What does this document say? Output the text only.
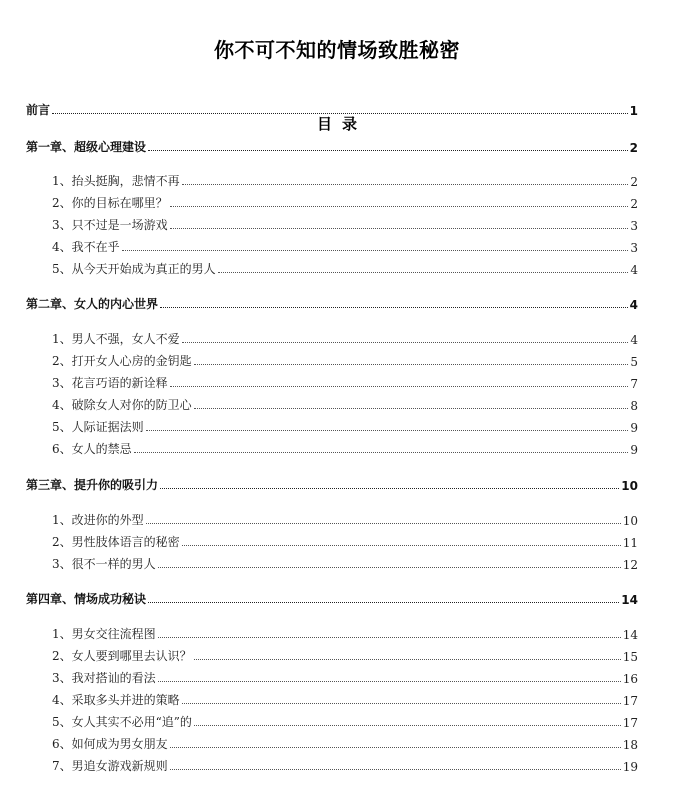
你不可不知的情场致胜秘密
前言	1
目 录
第一章、超级心理建设	2
1、抬头挺胸，悲情不再	2
2、你的目标在哪里？	2
3、只不过是一场游戏	3
4、我不在乎	3
5、从今天开始成为真正的男人	4
第二章、女人的内心世界	4
1、男人不强，女人不爱	4
2、打开女人心房的金钥匙	5
3、花言巧语的新诠释	7
4、破除女人对你的防卫心	8
5、人际证据法则	9
6、女人的禁忌	9
第三章、提升你的吸引力	10
1、改进你的外型	10
2、男性肢体语言的秘密	11
3、很不一样的男人	12
第四章、情场成功秘诀	14
1、男女交往流程图	14
2、女人要到哪里去认识？	15
3、我对搭讪的看法	16
4、采取多头并进的策略	17
5、女人其实不必用“追”的	17
6、如何成为男女朋友	18
7、男追女游戏新规则	19
